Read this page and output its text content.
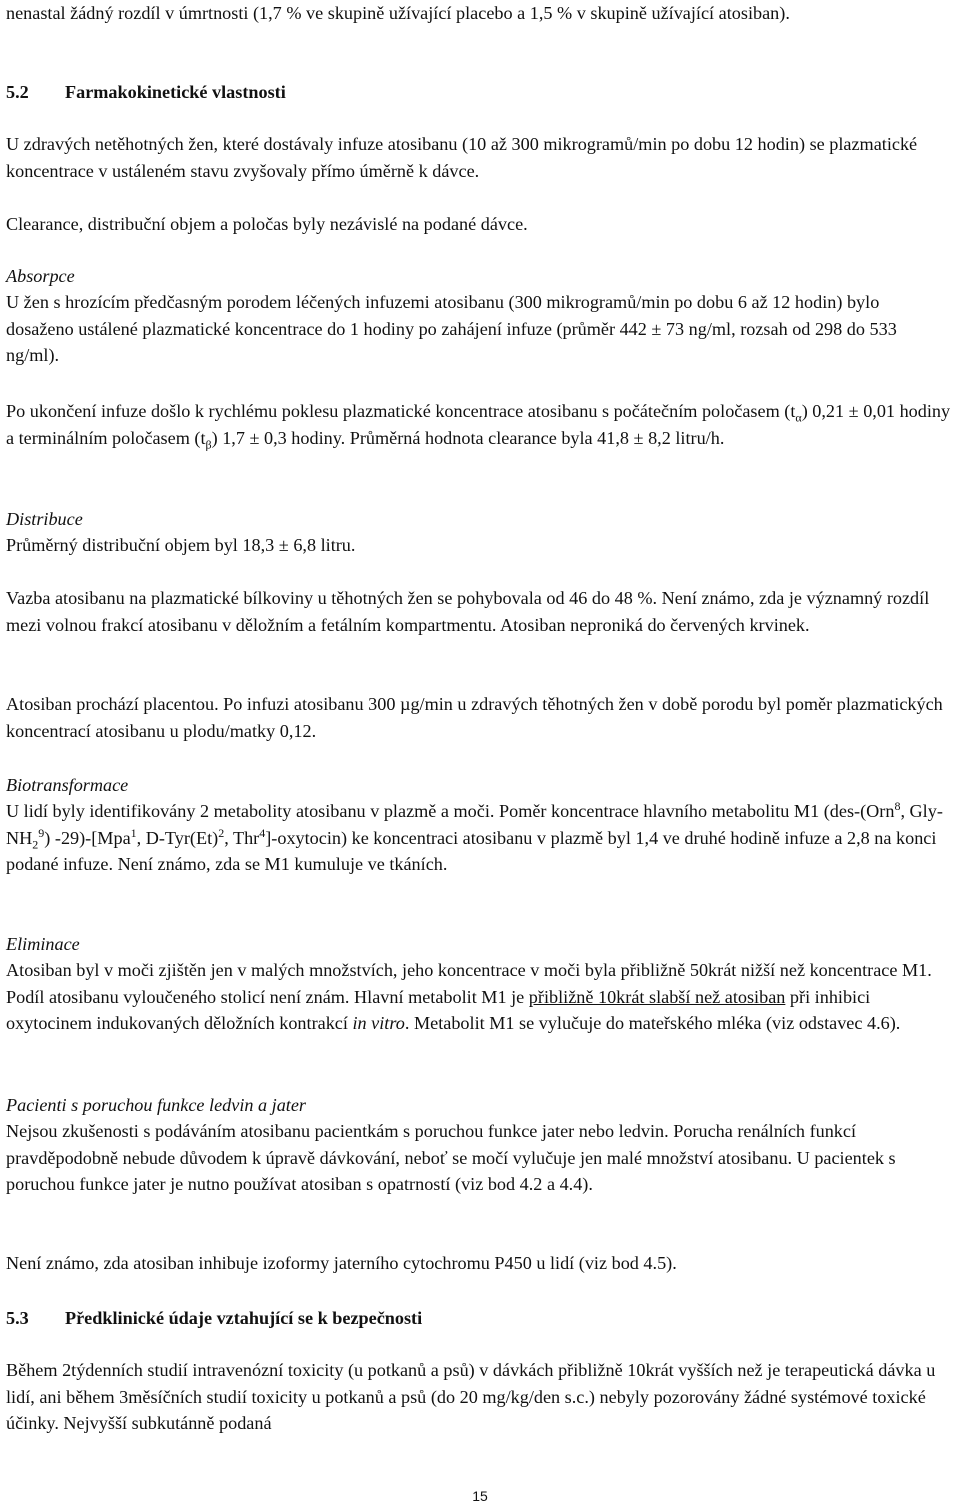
nenastal žádný rozdíl v úmrtnosti (1,7 % ve skupině užívající placebo a 1,5 % v skupině užívající atosiban).

5.2 Farmakokinetické vlastnosti

U zdravých netěhotných žen, které dostávaly infuze atosibanu (10 až 300 mikrogramů/min po dobu 12 hodin) se plazmatické koncentrace v ustáleném stavu zvyšovaly přímo úměrně k dávce.

Clearance, distribuční objem a poločas byly nezávislé na podané dávce.

Absorpce

U žen s hrozícím předčasným porodem léčených infuzemi atosibanu (300 mikrogramů/min po dobu 6 až 12 hodin) bylo dosaženo ustálené plazmatické koncentrace do 1 hodiny po zahájení infuze (průměr 442 ± 73 ng/ml, rozsah od 298 do 533 ng/ml).

Po ukončení infuze došlo k rychlému poklesu plazmatické koncentrace atosibanu s počátečním poločasem $(t_\alpha) 0,21 \pm 0,01$ hodiny a terminálním poločasem $(t_\beta) 1,7 \pm 0,3$ hodiny. Průměrná hodnota clearance byla 41,8 ± 8,2 litru/h.

Distribuce

Průměrný distribuční objem byl 18,3 ± 6,8 litru.

Vazba atosibanu na plazmatické bílkoviny u těhotných žen se pohybovala od 46 do 48 %. Není známo, zda je významný rozdíl mezi volnou frakcí atosibanu v děložním a fetálním kompartmentu. Atosiban neproniká do červených krvinek.

Atosiban prochází placentou. Po infuzi atosibanu 300 µg/min u zdravých těhotných žen v době porodu byl poměr plazmatických koncentrací atosibanu u plodu/matky 0,12.

Biotransformace

U lidí byly identifikovány 2 metabolity atosibanu v plazmě a moči. Poměr koncentrace hlavního metabolitu M1 (des-(Orn$^8$, Gly-$NH_2^9$) -29)-[Mpa$^1$, $D-Tyr(Et)^2$, Thr$^4$]-oxytocin) ke koncentraci atosibanu v plazmě byl 1,4 ve druhé hodině infuze a 2,8 na konci podané infuze. Není známo, zda se M1 kumuluje ve tkáních.

Eliminace

Atosiban byl v moči zjištěn jen v malých množstvích, jeho koncentrace v moči byla přibližně 50krát nižší než koncentrace M1. Podíl atosibanu vyloučeného stolicí není znám. Hlavní metabolit M1 je přibližně 10krát slabší než atosiban při inhibici oxytocinem indukovaných děložních kontrakcí in vitro. Metabolit M1 se vylučuje do mateřského mléka (viz odstavec 4.6).

Pacienti s poruchou funkce ledvin a jater

Nejsou zkušenosti s podáváním atosibanu pacientkám s poruchou funkce jater nebo ledvin. Porucha renálních funkcí pravděpodobně nebude důvodem k úpravě dávkování, neboť se močí vylučuje jen malé množství atosibanu. U pacientek s poruchou funkce jater je nutno používat atosiban s opatrností (viz bod 4.2 a 4.4).

Není známo, zda atosiban inhibuje izoformy jaterního cytochromu P450 u lidí (viz bod 4.5).

5.3 Předklinické údaje vztahující se k bezpečnosti

Během 2týdenních studií intravenózní toxicity (u potkanů a psů) v dávkách přibližně 10krát vyšších než je terapeutická dávka u lidí, ani během 3měsíčních studií toxicity u potkanů a psů (do 20 mg/kg/den s.c.) nebyly pozorovány žádné systémové toxické účinky. Nejvyšší subkutánně podaná

15
